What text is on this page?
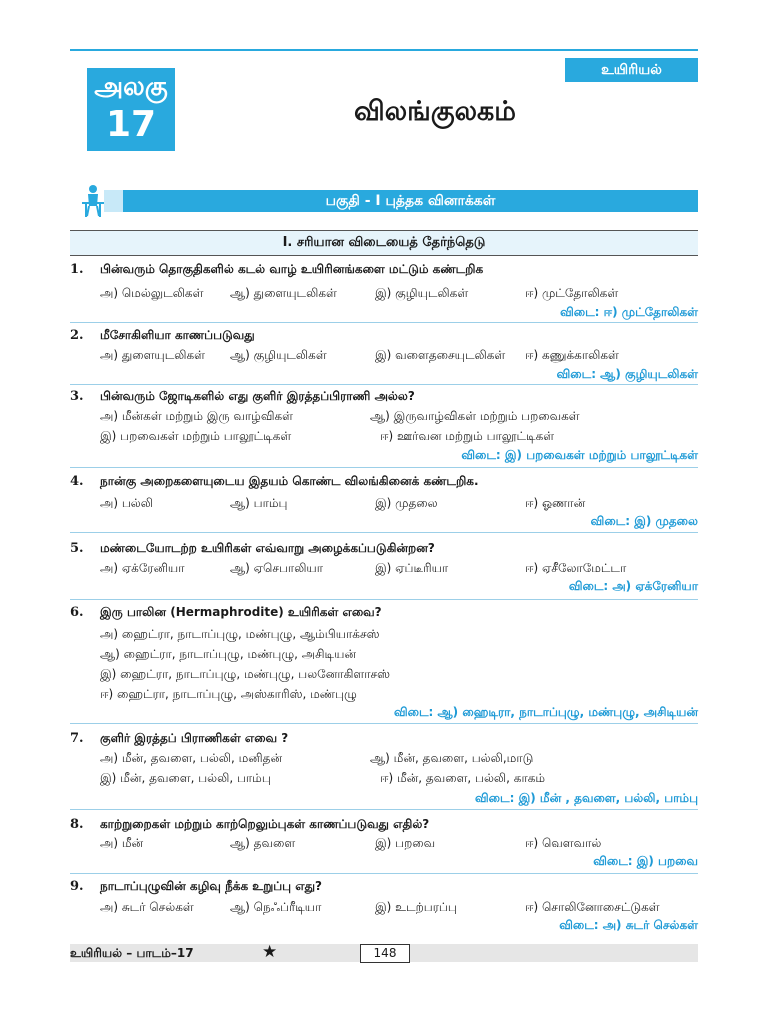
உயிரியல்
அலகு
17	விலங்குலகம்
பகுதி - I புத்தக வினாக்கள்
I. சரியான விடையைத் தேர்ந்தெடு
1. பின்வரும் தொகுதிகளில் கடல் வாழ் உயிரினங்களை மட்டும் கண்டறிக
அ) மெல்லுடலிகள் ஆ) துளையுடலிகள்	இ) குழியுடலிகள்	ஈ) முட்தோலிகள்
விடை: ஈ) முட்தோலிகள்
2. மீசோகிளியா காணப்படுவது
அ) துளையுடலிகள் ஆ) குழியுடலிகள்	இ) வளைதசையுடலிகள் ஈ) கணுக்காலிகள்
விடை: ஆ) குழியுடலிகள்
3. பின்வரும் ஜோடிகளில் எது குளிர் இரத்தப்பிராணி அல்ல?
அ) மீன்கள் மற்றும் இரு வாழ்விகள்	ஆ) இருவாழ்விகள் மற்றும் பறவைகள்
இ) பறவைகள் மற்றும் பாலூட்டிகள்	ஈ) ஊர்வன மற்றும் பாலூட்டிகள்
விடை: இ) பறவைகள் மற்றும் பாலூட்டிகள்
4. நான்கு அறைகளையுடைய இதயம் கொண்ட விலங்கினைக் கண்டறிக.
அ) பல்லி	ஆ) பாம்பு	இ) முதலை	ஈ) ஓணான்
விடை: இ) முதலை
5. மண்டையோடற்ற உயிரிகள் எவ்வாறு அழைக்கப்படுகின்றன?
அ) ஏக்ரேனியா	ஆ) ஏசெபாலியா	இ) ஏப்டீரியா	ஈ) ஏசீலோமேட்டா
விடை: அ) ஏக்ரேனியா
6. இரு பாலின (Hermaphrodite) உயிரிகள் எவை?
அ) ஹைட்ரா, நாடாப்புழு, மண்புழு, ஆம்பியாக்சஸ்
ஆ) ஹைட்ரா, நாடாப்புழு, மண்புழு, அசிடியன்
இ) ஹைட்ரா, நாடாப்புழு, மண்புழு, பலனோகிளாசஸ்
ஈ) ஹைட்ரா, நாடாப்புழு, அஸ்காரிஸ், மண்புழு
விடை: ஆ) ஹைடிரா, நாடாப்புழு, மண்புழு, அசிடியன்
7. குளிர் இரத்தப் பிராணிகள் எவை ?
அ) மீன், தவளை, பல்லி, மனிதன்	ஆ) மீன், தவளை, பல்லி,மாடு
இ) மீன், தவளை, பல்லி, பாம்பு	ஈ) மீன், தவளை, பல்லி, காகம்
விடை: இ) மீன் , தவளை, பல்லி, பாம்பு
8. காற்றுறைகள் மற்றும் காற்றெலும்புகள் காணப்படுவது எதில்?
அ) மீன்	ஆ) தவளை	இ) பறவை	ஈ) வௌவால்
விடை: இ) பறவை
9. நாடாப்புழுவின் கழிவு நீக்க உறுப்பு எது?
அ) சுடர் செல்கள்	ஆ) நெஃப்ரீடியா	இ) உடற்பரப்பு	ஈ) சொலினோசைட்டுகள்
விடை: அ) சுடர் செல்கள்
உயிரியல் – பாடம்–17	★	148
